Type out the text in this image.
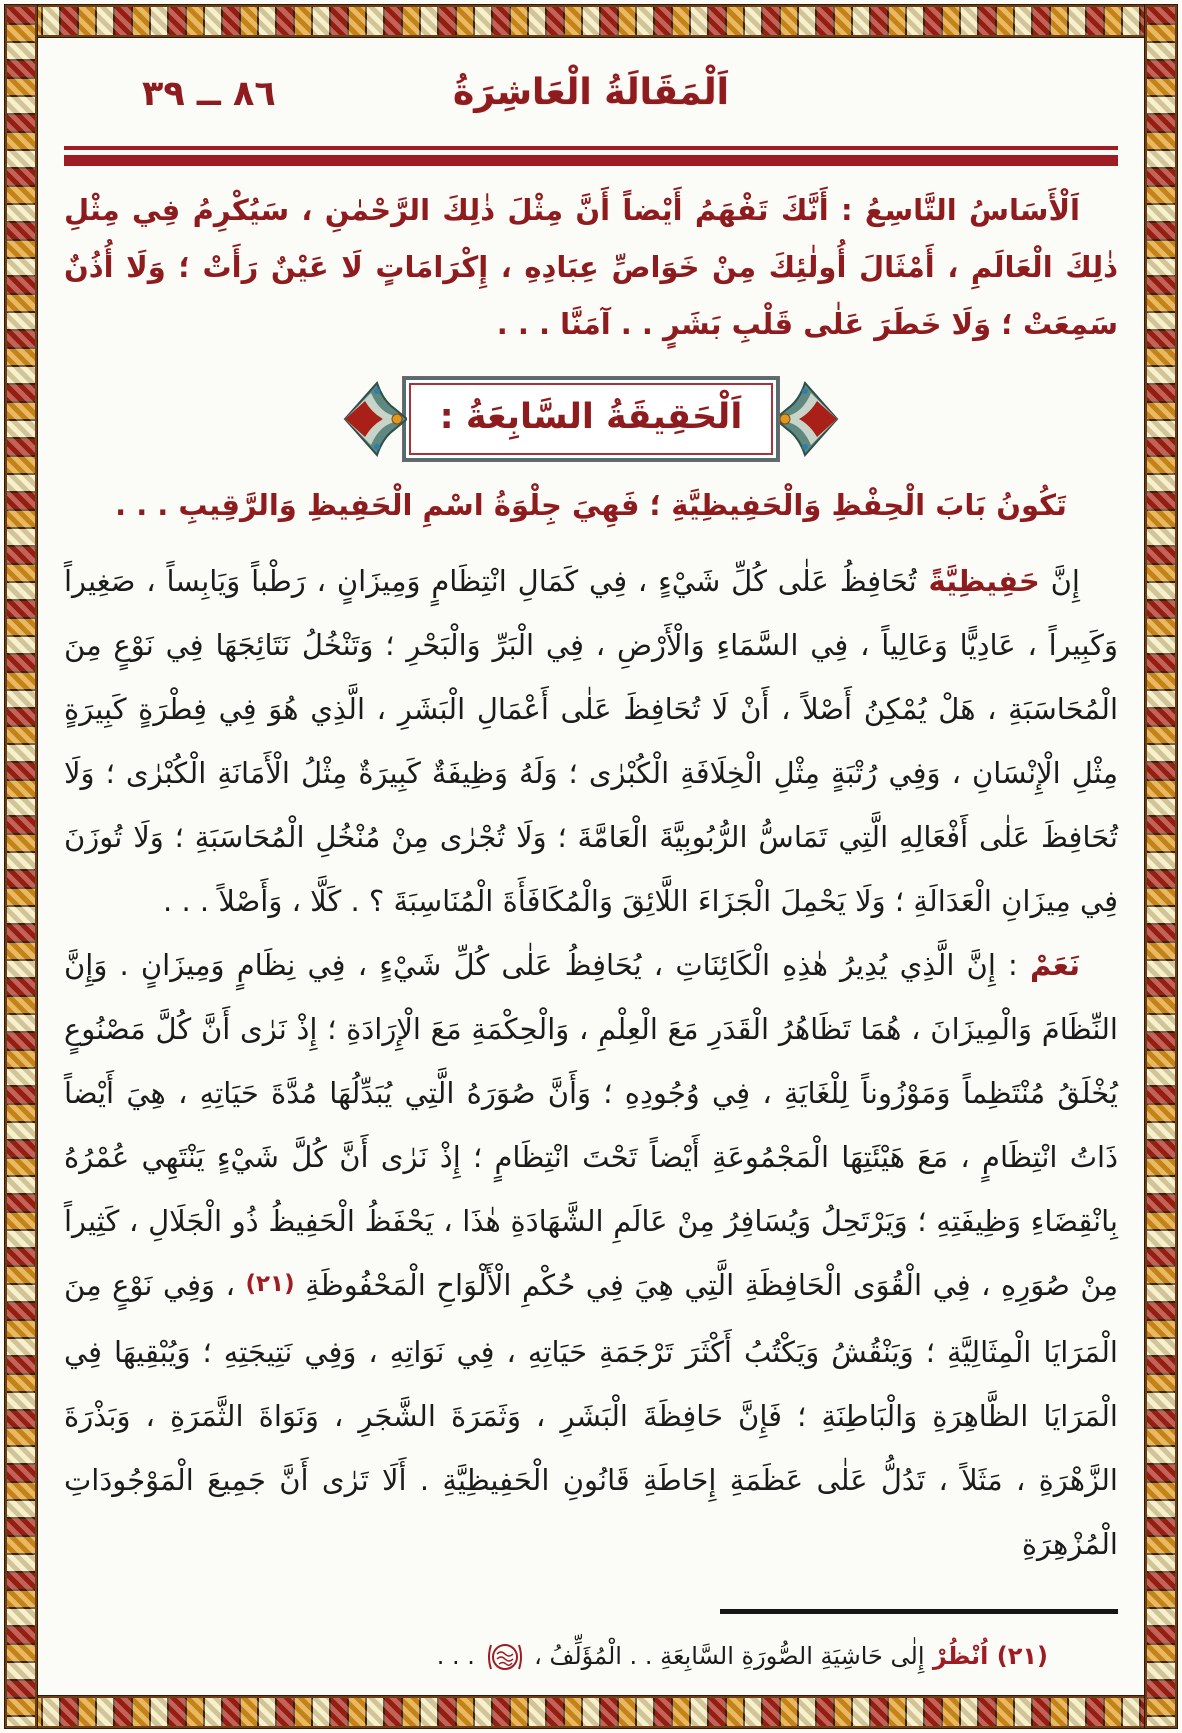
اَلْمَقَالَةُ الْعَاشِرَةُ
٨٦ ــ ٣٩

اَلْأَسَاسُ التَّاسِعُ : أَنَّكَ تَفْهَمُ أَيْضاً أَنَّ مِثْلَ ذٰلِكَ الرَّحْمٰنِ ، سَيُكْرِمُ فِي مِثْلِ ذٰلِكَ الْعَالَمِ ، أَمْثَالَ أُولٰئِكَ مِنْ خَوَاصِّ عِبَادِهِ ، إِكْرَامَاتٍ لَا عَيْنٌ رَأَتْ ؛ وَلَا أُذُنٌ سَمِعَتْ ؛ وَلَا خَطَرَ عَلٰى قَلْبِ بَشَرٍ . . آمَنَّا . . .

اَلْحَقِيقَةُ السَّابِعَةُ :
تَكُونُ بَابَ الْحِفْظِ وَالْحَفِيظِيَّةِ ؛ فَهِيَ جِلْوَةُ اسْمِ الْحَفِيظِ وَالرَّقِيبِ . . .

إِنَّ حَفِيظِيَّةً تُحَافِظُ عَلٰى كُلِّ شَيْءٍ ، فِي كَمَالِ انْتِظَامٍ وَمِيزَانٍ ، رَطْباً وَيَابِساً ، صَغِيراً وَكَبِيراً ، عَادِيًّا وَعَالِياً ، فِي السَّمَاءِ وَالْأَرْضِ ، فِي الْبَرِّ وَالْبَحْرِ ؛ وَتَنْخُلُ نَتَائِجَهَا فِي نَوْعٍ مِنَ الْمُحَاسَبَةِ ، هَلْ يُمْكِنُ أَصْلاً ، أَنْ لَا تُحَافِظَ عَلٰى أَعْمَالِ الْبَشَرِ ، الَّذِي هُوَ فِي فِطْرَةٍ كَبِيرَةٍ مِثْلِ الْإِنْسَانِ ، وَفِي رُتْبَةٍ مِثْلِ الْخِلَافَةِ الْكُبْرٰى ؛ وَلَهُ وَظِيفَةٌ كَبِيرَةٌ مِثْلُ الْأَمَانَةِ الْكُبْرٰى ؛ وَلَا تُحَافِظَ عَلٰى أَفْعَالِهِ الَّتِي تَمَاسُّ الرُّبُوبِيَّةَ الْعَامَّةَ ؛ وَلَا تُجْرٰى مِنْ مُنْخُلِ الْمُحَاسَبَةِ ؛ وَلَا تُوزَنَ فِي مِيزَانِ الْعَدَالَةِ ؛ وَلَا يَحْمِلَ الْجَزَاءَ اللَّائِقَ وَالْمُكَافَأَةَ الْمُنَاسِبَةَ ؟ . كَلَّا ، وَأَصْلاً . . .

نَعَمْ : إِنَّ الَّذِي يُدِيرُ هٰذِهِ الْكَائِنَاتِ ، يُحَافِظُ عَلٰى كُلِّ شَيْءٍ ، فِي نِظَامٍ وَمِيزَانٍ . وَإِنَّ النِّظَامَ وَالْمِيزَانَ ، هُمَا تَظَاهُرُ الْقَدَرِ مَعَ الْعِلْمِ ، وَالْحِكْمَةِ مَعَ الْإِرَادَةِ ؛ إِذْ نَرٰى أَنَّ كُلَّ مَصْنُوعٍ يُخْلَقُ مُنْتَظِماً وَمَوْزُوناً لِلْغَايَةِ ، فِي وُجُودِهِ ؛ وَأَنَّ صُوَرَهُ الَّتِي يُبَدِّلُهَا مُدَّةَ حَيَاتِهِ ، هِيَ أَيْضاً ذَاتُ انْتِظَامٍ ، مَعَ هَيْئَتِهَا الْمَجْمُوعَةِ أَيْضاً تَحْتَ انْتِظَامٍ ؛ إِذْ نَرٰى أَنَّ كُلَّ شَيْءٍ يَنْتَهِي عُمْرُهُ بِانْقِضَاءِ وَظِيفَتِهِ ؛ وَيَرْتَحِلُ وَيُسَافِرُ مِنْ عَالَمِ الشَّهَادَةِ هٰذَا ، يَحْفَظُ الْحَفِيظُ ذُو الْجَلَالِ ، كَثِيراً مِنْ صُوَرِهِ ، فِي الْقُوَى الْحَافِظَةِ الَّتِي هِيَ فِي حُكْمِ الْأَلْوَاحِ الْمَحْفُوظَةِ (٢١) ، وَفِي نَوْعٍ مِنَ الْمَرَايَا الْمِثَالِيَّةِ ؛ وَيَنْقُشُ وَيَكْتُبُ أَكْثَرَ تَرْجَمَةِ حَيَاتِهِ ، فِي نَوَاتِهِ ، وَفِي نَتِيجَتِهِ ؛ وَيُبْقِيهَا فِي الْمَرَايَا الظَّاهِرَةِ وَالْبَاطِنَةِ ؛ فَإِنَّ حَافِظَةَ الْبَشَرِ ، وَثَمَرَةَ الشَّجَرِ ، وَنَوَاةَ الثَّمَرَةِ ، وَبَذْرَةَ الزَّهْرَةِ ، مَثَلاً ، تَدُلُّ عَلٰى عَظَمَةِ إِحَاطَةِ قَانُونِ الْحَفِيظِيَّةِ . أَلَا تَرٰى أَنَّ جَمِيعَ الْمَوْجُودَاتِ الْمُزْهِرَةِ

(٢١) اُنْظُرْ إِلٰى حَاشِيَةِ الصُّورَةِ السَّابِعَةِ . . الْمُؤَلِّفُ ،  . . .
